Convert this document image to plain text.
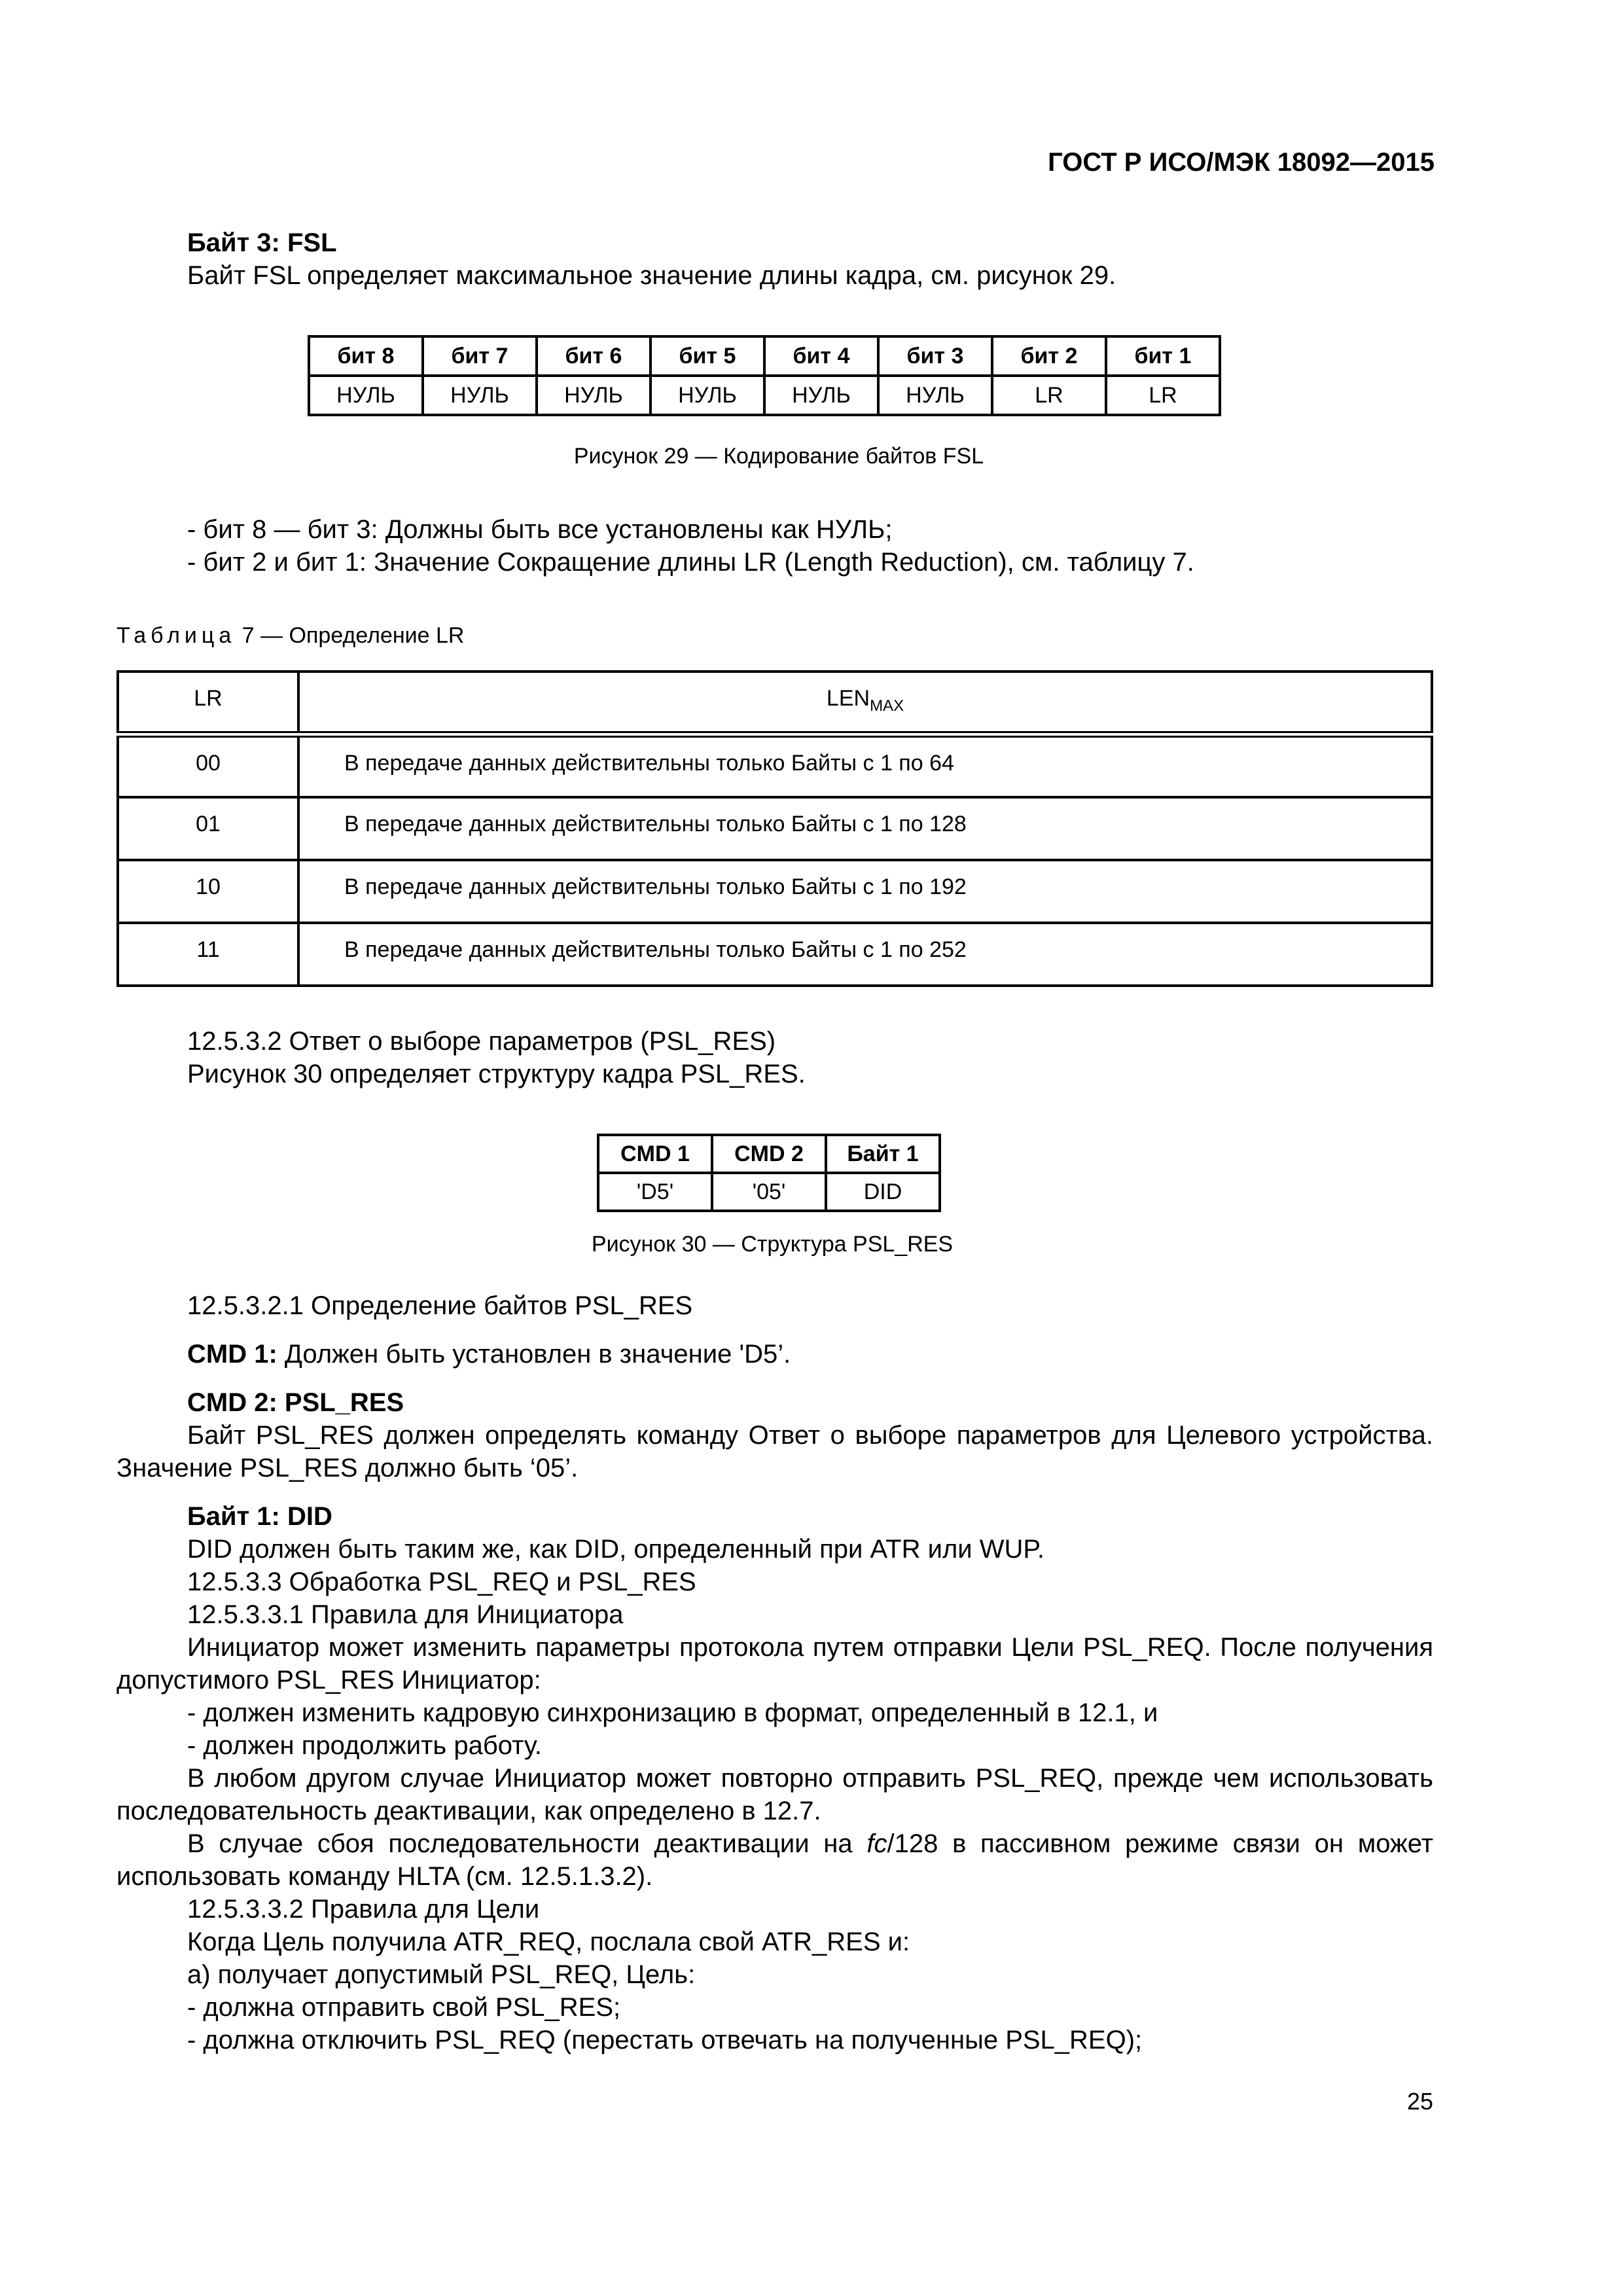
ГОСТ Р ИСО/МЭК 18092—2015
Байт 3: FSL
Байт FSL определяет максимальное значение длины кадра, см. рисунок 29.
бит 8	бит 7	бит 6	бит 5	бит 4	бит 3	бит 2	бит 1
НУЛЬ	НУЛЬ	НУЛЬ	НУЛЬ	НУЛЬ	НУЛЬ	LR	LR
Рисунок 29 — Кодирование байтов FSL
- бит 8 — бит 3: Должны быть все установлены как НУЛЬ;
- бит 2 и бит 1: Значение Сокращение длины LR (Length Reduction), см. таблицу 7.
Таблица 7 — Определение LR
LR	$LEN_{MAX}$
00	В передаче данных действительны только Байты с 1 по 64
01	В передаче данных действительны только Байты с 1 по 128
10	В передаче данных действительны только Байты с 1 по 192
11	В передаче данных действительны только Байты с 1 по 252
12.5.3.2 Ответ о выборе параметров (PSL_RES)
Рисунок 30 определяет структуру кадра PSL_RES.
CMD 1	CMD 2	Байт 1
'D5'	'05'	DID
Рисунок 30 — Структура PSL_RES
12.5.3.2.1 Определение байтов PSL_RES
CMD 1: Должен быть установлен в значение 'D5’.
CMD 2: PSL_RES
Байт PSL_RES должен определять команду Ответ о выборе параметров для Целевого устройства. Значение PSL_RES должно быть ‘05’.
Байт 1: DID
DID должен быть таким же, как DID, определенный при ATR или WUP.
12.5.3.3 Обработка PSL_REQ и PSL_RES
12.5.3.3.1 Правила для Инициатора
Инициатор может изменить параметры протокола путем отправки Цели PSL_REQ. После получения допустимого PSL_RES Инициатор:
- должен изменить кадровую синхронизацию в формат, определенный в 12.1, и
- должен продолжить работу.
В любом другом случае Инициатор может повторно отправить PSL_REQ, прежде чем использовать последовательность деактивации, как определено в 12.7.
В случае сбоя последовательности деактивации на fc/128 в пассивном режиме связи он может использовать команду HLTA (см. 12.5.1.3.2).
12.5.3.3.2 Правила для Цели
Когда Цель получила ATR_REQ, послала свой ATR_RES и:
а) получает допустимый PSL_REQ, Цель:
- должна отправить свой PSL_RES;
- должна отключить PSL_REQ (перестать отвечать на полученные PSL_REQ);
25
